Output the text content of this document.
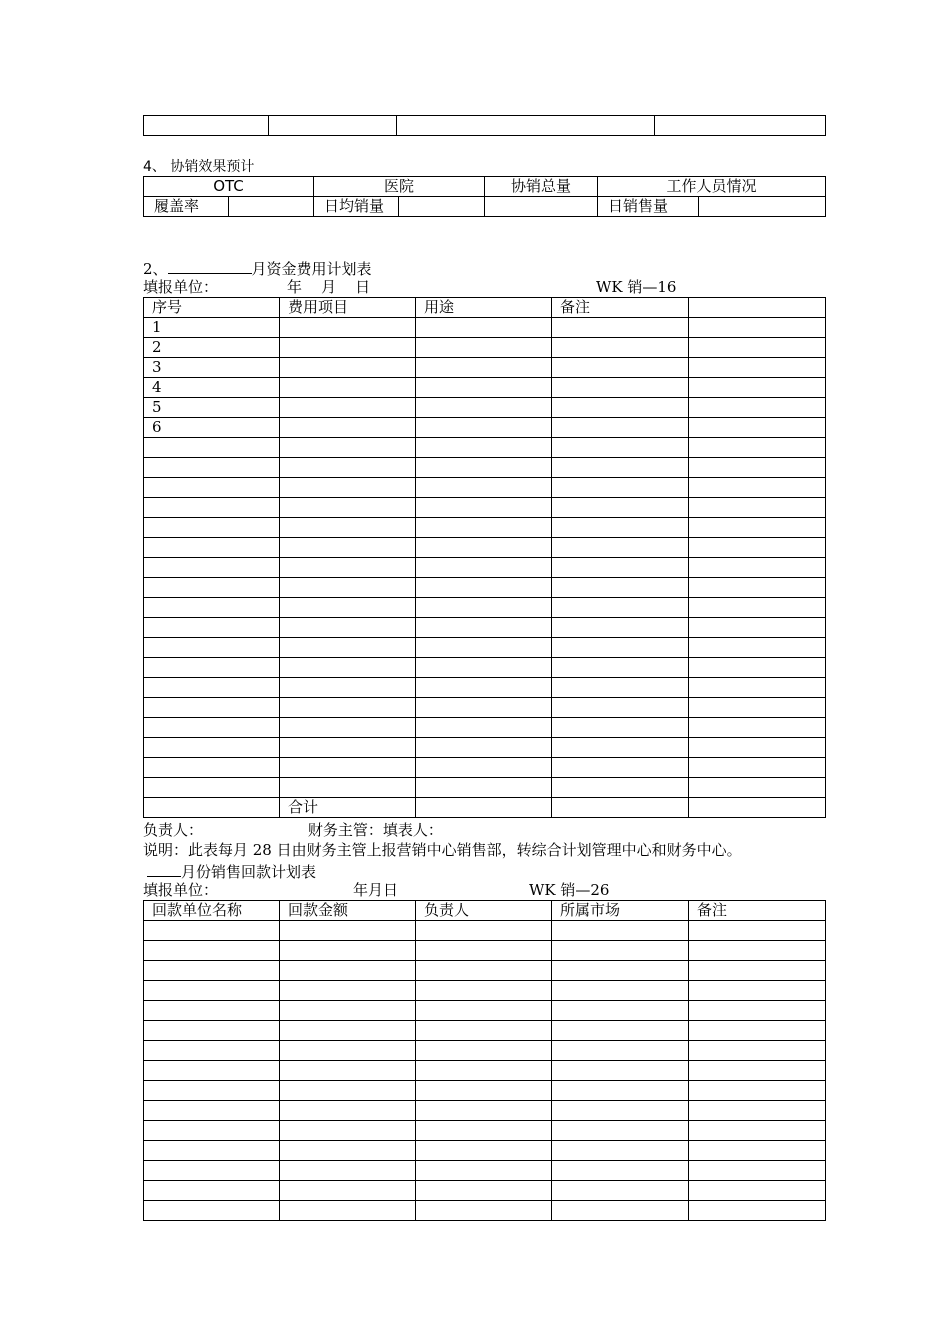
4、 协销效果预计
OTC		医院		协销总量	工作人员情况	
履盖率		日均销量			日销售量	
2、	月资金费用计划表
填报单位：	年    月    日	WK 销—16
序号	费用项目	用途	备注	
1				
2				
3				
4				
5				
6				

	合计			
负责人：                      财务主管：填表人：
说明：此表每月 28 日由财务主管上报营销中心销售部，转综合计划管理中心和财务中心。
月份销售回款计划表
填报单位：	年月日	WK 销—26
回款单位名称	回款金额	负责人	所属市场	备注
